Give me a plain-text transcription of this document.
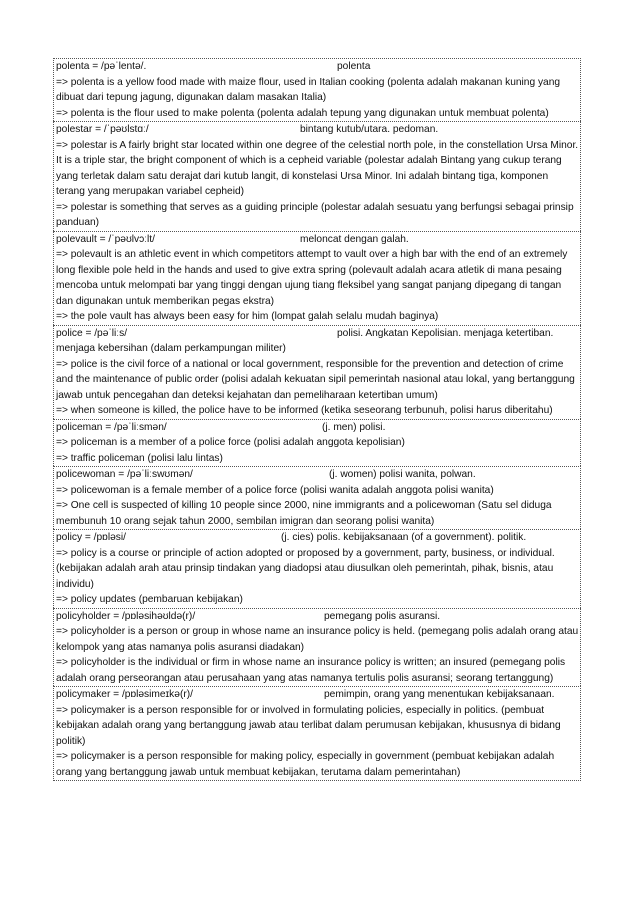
polenta = /pəˈlentə/.	polenta
=> polenta is a yellow food made with maize flour, used in Italian cooking (polenta adalah makanan kuning yang dibuat dari tepung jagung, digunakan dalam masakan Italia)
=> polenta is the flour used to make polenta (polenta adalah tepung yang digunakan untuk membuat polenta)
polestar = /ˈpəʊlstɑː/	bintang kutub/utara. pedoman.
=> polestar is A fairly bright star located within one degree of the celestial north pole, in the constellation Ursa Minor. It is a triple star, the bright component of which is a cepheid variable (polestar adalah Bintang yang cukup terang yang terletak dalam satu derajat dari kutub langit, di konstelasi Ursa Minor. Ini adalah bintang tiga, komponen terang yang merupakan variabel cepheid)
=> polestar is something that serves as a guiding principle (polestar adalah sesuatu yang berfungsi sebagai prinsip panduan)
polevault = /ˈpəʊlvɔːlt/	meloncat dengan galah.
=> polevault is an athletic event in which competitors attempt to vault over a high bar with the end of an extremely long flexible pole held in the hands and used to give extra spring (polevault adalah acara atletik di mana pesaing mencoba untuk melompati bar yang tinggi dengan ujung tiang fleksibel yang sangat panjang dipegang di tangan dan digunakan untuk memberikan pegas ekstra)
=> the pole vault has always been easy for him (lompat galah selalu mudah baginya)
police = /pəˈliːs/	polisi. Angkatan Kepolisian. menjaga ketertiban.
menjaga kebersihan (dalam perkampungan militer)
=> police is the civil force of a national or local government, responsible for the prevention and detection of crime and the maintenance of public order (polisi adalah kekuatan sipil pemerintah nasional atau lokal, yang bertanggung jawab untuk pencegahan dan deteksi kejahatan dan pemeliharaan ketertiban umum)
=> when someone is killed, the police have to be informed (ketika seseorang terbunuh, polisi harus diberitahu)
policeman = /pəˈliːsmən/	(j. men) polisi.
=> policeman is a member of a police force (polisi adalah anggota kepolisian)
=> traffic policeman (polisi lalu lintas)
policewoman = /pəˈliːswʊmən/	(j. women) polisi wanita, polwan.
=> policewoman is a female member of a police force (polisi wanita adalah anggota polisi wanita)
=> One cell is suspected of killing 10 people since 2000, nine immigrants and a policewoman (Satu sel diduga membunuh 10 orang sejak tahun 2000, sembilan imigran dan seorang polisi wanita)
policy = /pɒləsi/	(j. cies) polis. kebijaksanaan (of a government). politik.
=> policy is a course or principle of action adopted or proposed by a government, party, business, or individual. (kebijakan adalah arah atau prinsip tindakan yang diadopsi atau diusulkan oleh pemerintah, pihak, bisnis, atau individu)
=> policy updates (pembaruan kebijakan)
policyholder = /pɒləsihəʊldə(r)/	pemegang polis asuransi.
=> policyholder is a person or group in whose name an insurance policy is held. (pemegang polis adalah orang atau kelompok yang atas namanya polis asuransi diadakan)
=> policyholder is the individual or firm in whose name an insurance policy is written; an insured (pemegang polis adalah orang perseorangan atau perusahaan yang atas namanya tertulis polis asuransi; seorang tertanggung)
policymaker = /pɒləsimeɪkə(r)/	pemimpin, orang yang menentukan kebijaksanaan.
=> policymaker is a person responsible for or involved in formulating policies, especially in politics. (pembuat kebijakan adalah orang yang bertanggung jawab atau terlibat dalam perumusan kebijakan, khususnya di bidang politik)
=> policymaker is a person responsible for making policy, especially in government (pembuat kebijakan adalah orang yang bertanggung jawab untuk membuat kebijakan, terutama dalam pemerintahan)
